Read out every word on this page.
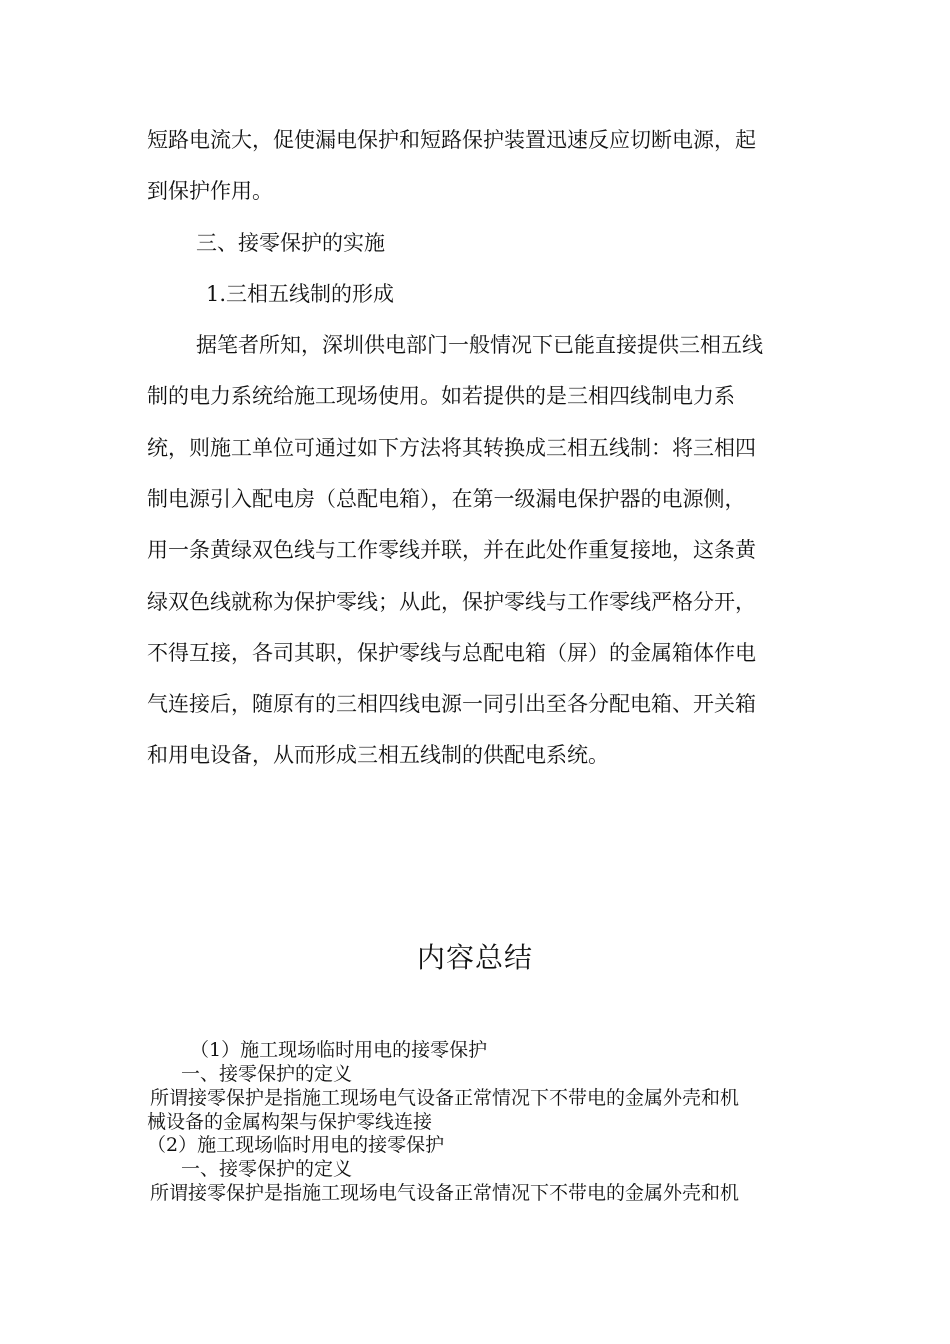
短路电流大，促使漏电保护和短路保护装置迅速反应切断电源，起
到保护作用。
三、接零保护的实施
1.三相五线制的形成
据笔者所知，深圳供电部门一般情况下已能直接提供三相五线
制的电力系统给施工现场使用。如若提供的是三相四线制电力系
统，则施工单位可通过如下方法将其转换成三相五线制：将三相四
制电源引入配电房（总配电箱），在第一级漏电保护器的电源侧，
用一条黄绿双色线与工作零线并联，并在此处作重复接地，这条黄
绿双色线就称为保护零线；从此，保护零线与工作零线严格分开，
不得互接，各司其职，保护零线与总配电箱（屏）的金属箱体作电
气连接后，随原有的三相四线电源一同引出至各分配电箱、开关箱
和用电设备，从而形成三相五线制的供配电系统。
内容总结
（1）施工现场临时用电的接零保护
一、接零保护的定义
所谓接零保护是指施工现场电气设备正常情况下不带电的金属外壳和机
械设备的金属构架与保护零线连接
（2）施工现场临时用电的接零保护
一、接零保护的定义
所谓接零保护是指施工现场电气设备正常情况下不带电的金属外壳和机
